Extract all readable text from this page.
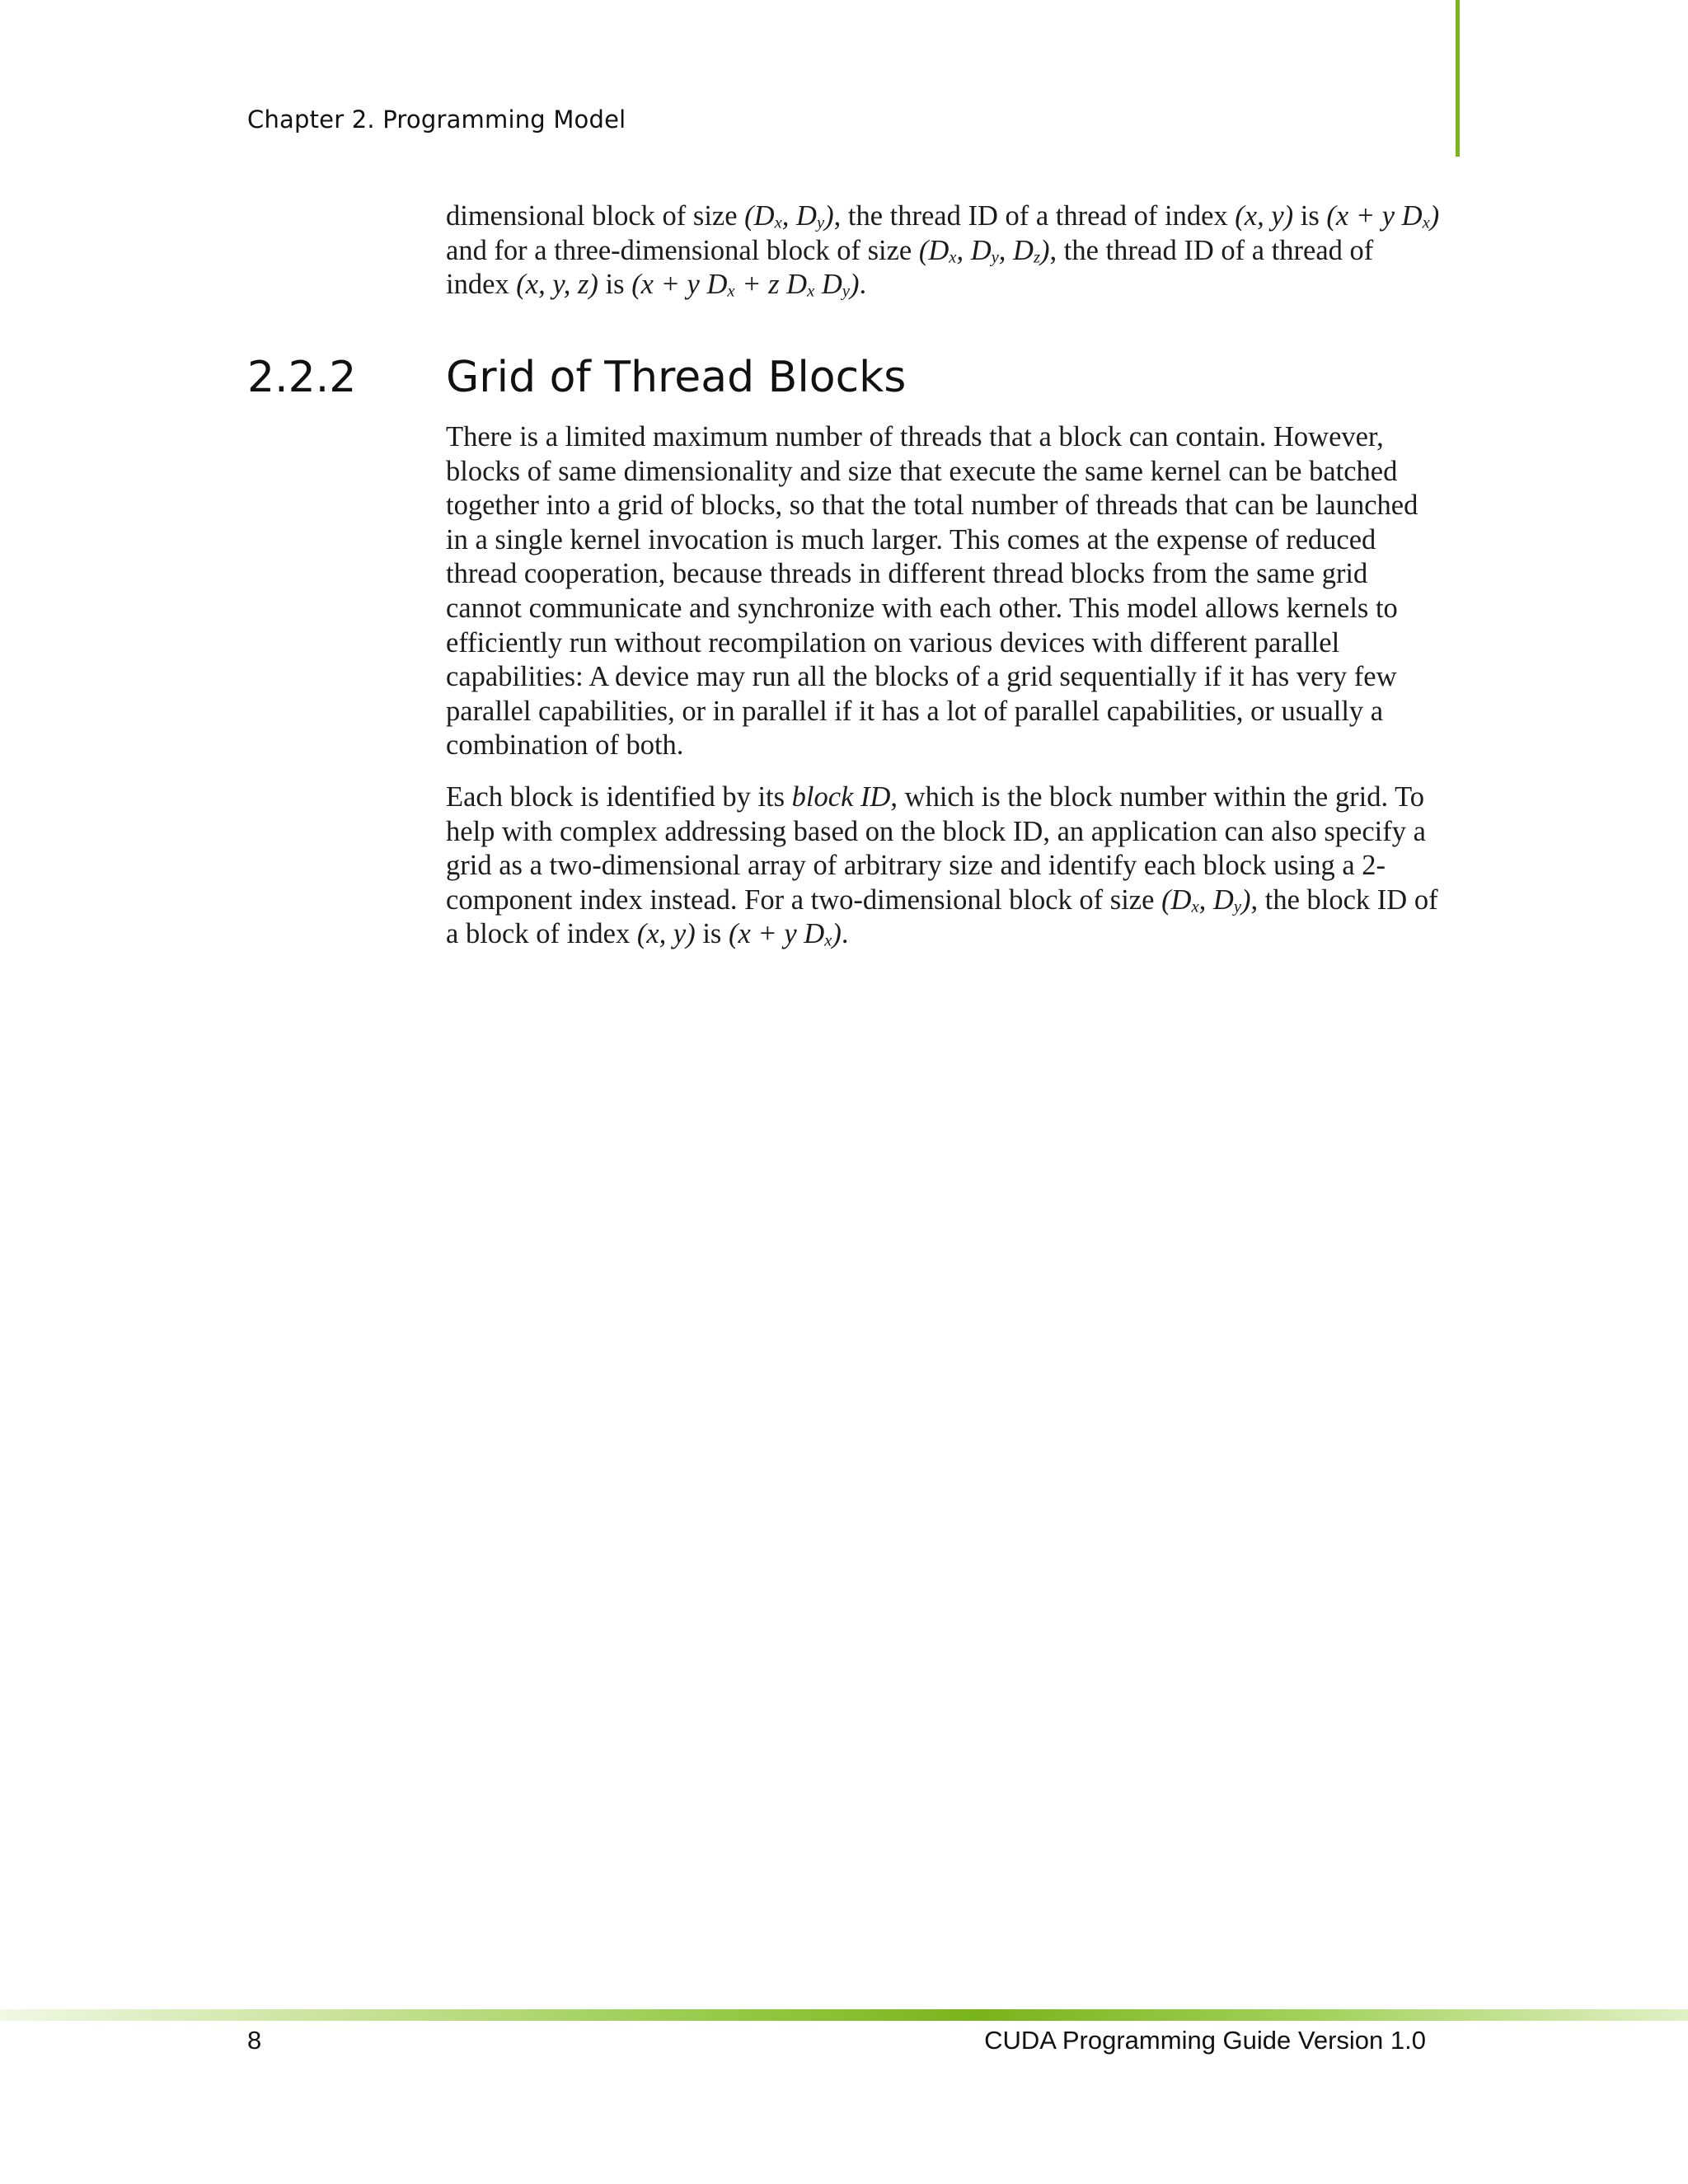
Chapter 2. Programming Model

dimensional block of size ($D_x$, $D_y$), the thread ID of a thread of index (x, y) is (x + y $D_x$) and for a three-dimensional block of size ($D_x$, $D_y$, $D_z$), the thread ID of a thread of index (x, y, z) is (x + y $D_x + z$ $D_x$ $D_y$).

2.2.2 Grid of Thread Blocks

There is a limited maximum number of threads that a block can contain. However, blocks of same dimensionality and size that execute the same kernel can be batched together into a grid of blocks, so that the total number of threads that can be launched in a single kernel invocation is much larger. This comes at the expense of reduced thread cooperation, because threads in different thread blocks from the same grid cannot communicate and synchronize with each other. This model allows kernels to efficiently run without recompilation on various devices with different parallel capabilities: A device may run all the blocks of a grid sequentially if it has very few parallel capabilities, or in parallel if it has a lot of parallel capabilities, or usually a combination of both.

Each block is identified by its block ID, which is the block number within the grid. To help with complex addressing based on the block ID, an application can also specify a grid as a two-dimensional array of arbitrary size and identify each block using a 2-component index instead. For a two-dimensional block of size ($D_x$, $D_y$), the block ID of a block of index (x, y) is (x + y $D_x$).

8	CUDA Programming Guide Version 1.0
